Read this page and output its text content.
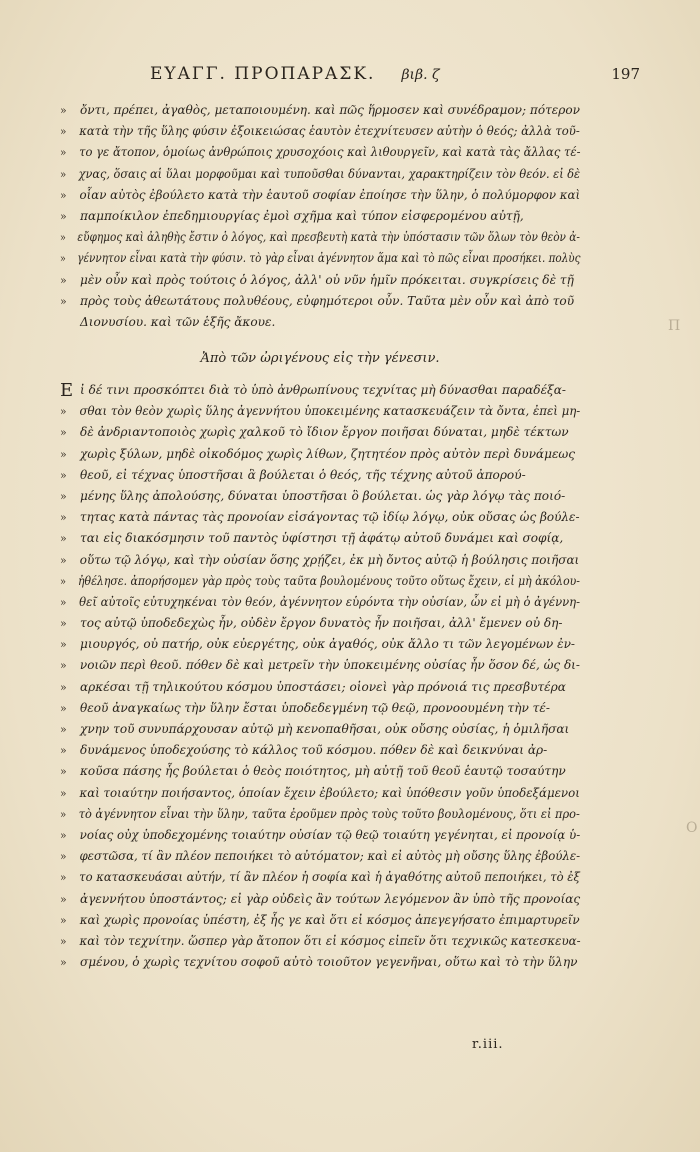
ΕΥΑΓΓ. ΠΡΟΠΑΡΑΣΚ. βιβ. ζ	197
» ὄντι, πρέπει, ἀγαθὸς, μεταποιουμένη. καὶ πῶς ἥρμοσεν καὶ συνέδραμον; πότερον
» κατὰ τὴν τῆς ὕλης φύσιν ἐξοικειώσας ἑαυτὸν ἐτεχνίτευσεν αὐτὴν ὁ θεός; ἀλλὰ τοῦ-
» το γε ἄτοπον, ὁμοίως ἀνθρώποις χρυσοχόοις καὶ λιθουργεῖν, καὶ κατὰ τὰς ἄλλας τέ-
» χνας, ὅσαις αἱ ὕλαι μορφοῦμαι καὶ τυποῦσθαι δύνανται, χαρακτηρίζειν τὸν θεόν. εἰ δὲ
» οἷαν αὐτὸς ἐβούλετο κατὰ τὴν ἑαυτοῦ σοφίαν ἐποίησε τὴν ὕλην, ὁ πολύμορφον καὶ
» παμποίκιλον ἐπεδημιουργίας ἐμοὶ σχῆμα καὶ τύπον εἰσφερομένου αὐτῇ,
» εὔφημος καὶ ἀληθὴς ἔστιν ὁ λόγος, καὶ πρεσβευτὴ κατὰ τὴν ὑπόστασιν τῶν ὅλων τὸν θεὸν ἀ-
» γέννητον εἶναι κατὰ τὴν φύσιν. τὸ γὰρ εἶναι ἀγέννητον ἅμα καὶ τὸ πῶς εἶναι προσήκει. πολὺς
» μὲν οὖν καὶ πρὸς τούτοις ὁ λόγος, ἀλλ' οὐ νῦν ἡμῖν πρόκειται. συγκρίσεις δὲ τῇ
» πρὸς τοὺς ἀθεωτάτους πολυθέους, εὐφημότεροι οὖν. Ταῦτα μὲν οὖν καὶ ἀπὸ τοῦ
Διονυσίου. καὶ τῶν ἑξῆς ἄκουε.
Ἀπὸ τῶν ὠριγένους εἰς τὴν γένεσιν.
Ε ἰ δέ τινι προσκόπτει διὰ τὸ ὑπὸ ἀνθρωπίνους τεχνίτας μὴ δύνασθαι παραδέξα-
» σθαι τὸν θεὸν χωρὶς ὕλης ἀγεννήτου ὑποκειμένης κατασκευάζειν τὰ ὄντα, ἐπεὶ μη-
» δὲ ἀνδριαντοποιὸς χωρὶς χαλκοῦ τὸ ἴδιον ἔργον ποιῆσαι δύναται, μηδὲ τέκτων
» χωρὶς ξύλων, μηδὲ οἰκοδόμος χωρὶς λίθων, ζητητέον πρὸς αὐτὸν περὶ δυνάμεως
» θεοῦ, εἰ τέχνας ὑποστῆσαι ἃ βούλεται ὁ θεός, τῆς τέχνης αὐτοῦ ἀπορού-
» μένης ὕλης ἀπολούσης, δύναται ὑποστῆσαι ὃ βούλεται. ὡς γὰρ λόγῳ τὰς ποιό-
» τητας κατὰ πάντας τὰς προνοίαν εἰσάγοντας τῷ ἰδίῳ λόγῳ, οὐκ οὔσας ὡς βούλε-
» ται εἰς διακόσμησιν τοῦ παντὸς ὑφίστησι τῇ ἀφάτῳ αὐτοῦ δυνάμει καὶ σοφίᾳ,
» οὕτω τῷ λόγῳ, καὶ τὴν οὐσίαν ὅσης χρῄζει, ἐκ μὴ ὄντος αὐτῷ ἡ βούλησις ποιῆσαι
» ἠθέλησε. ἀπορήσομεν γὰρ πρὸς τοὺς ταῦτα βουλομένους τοῦτο οὕτως ἔχειν, εἰ μὴ ἀκόλου-
» θεῖ αὐτοῖς εὐτυχηκέναι τὸν θεόν, ἀγέννητον εὑρόντα τὴν οὐσίαν, ὧν εἰ μὴ ὁ ἀγέννη-
» τος αὐτῷ ὑποδεδεχὼς ἦν, οὐδὲν ἔργον δυνατὸς ἦν ποιῆσαι, ἀλλ' ἔμενεν οὐ δη-
» μιουργός, οὐ πατήρ, οὐκ εὐεργέτης, οὐκ ἀγαθός, οὐκ ἄλλο τι τῶν λεγομένων ἐν-
» νοιῶν περὶ θεοῦ. πόθεν δὲ καὶ μετρεῖν τὴν ὑποκειμένης οὐσίας ἦν ὅσον δέ, ὡς δι-
» αρκέσαι τῇ τηλικούτου κόσμου ὑποστάσει; οἱονεὶ γὰρ πρόνοιά τις πρεσβυτέρα
» θεοῦ ἀναγκαίως τὴν ὕλην ἔσται ὑποδεδεγμένη τῷ θεῷ, προνοουμένη τὴν τέ-
» χνην τοῦ συνυπάρχουσαν αὐτῷ μὴ κενοπαθῆσαι, οὐκ οὔσης οὐσίας, ἡ ὁμιλῆσαι
» δυνάμενος ὑποδεχούσης τὸ κάλλος τοῦ κόσμου. πόθεν δὲ καὶ δεικνύναι ἀρ-
» κοῦσα πάσης ἧς βούλεται ὁ θεὸς ποιότητος, μὴ αὐτῇ τοῦ θεοῦ ἑαυτῷ τοσαύτην
» καὶ τοιαύτην ποιήσαντος, ὁποίαν ἔχειν ἐβούλετο; καὶ ὑπόθεσιν γοῦν ὑποδεξάμενοι
» τὸ ἀγέννητον εἶναι τὴν ὕλην, ταῦτα ἐροῦμεν πρὸς τοὺς τοῦτο βουλομένους, ὅτι εἰ προ-
» νοίας οὐχ ὑποδεχομένης τοιαύτην οὐσίαν τῷ θεῷ τοιαύτη γεγένηται, εἰ προνοίᾳ ὑ-
» φεστῶσα, τί ἂν πλέον πεποιήκει τὸ αὐτόματον; καὶ εἰ αὐτὸς μὴ οὔσης ὕλης ἐβούλε-
» το κατασκευάσαι αὐτήν, τί ἂν πλέον ἡ σοφία καὶ ἡ ἀγαθότης αὐτοῦ πεποιήκει, τὸ ἐξ
» ἀγεννήτου ὑποστάντος; εἰ γὰρ οὐδεὶς ἂν τούτων λεγόμενον ἂν ὑπὸ τῆς προνοίας
» καὶ χωρὶς προνοίας ὑπέστη, ἐξ ἧς γε καὶ ὅτι εἰ κόσμος ἀπεγεγήσατο ἐπιμαρτυρεῖν
» καὶ τὸν τεχνίτην. ὥσπερ γὰρ ἄτοπον ὅτι εἰ κόσμος εἰπεῖν ὅτι τεχνικῶς κατεσκευα-
» σμένου, ὁ χωρὶς τεχνίτου σοφοῦ αὐτὸ τοιοῦτον γεγενῆναι, οὕτω καὶ τὸ τὴν ὕλην
r.iii.
Π
O
